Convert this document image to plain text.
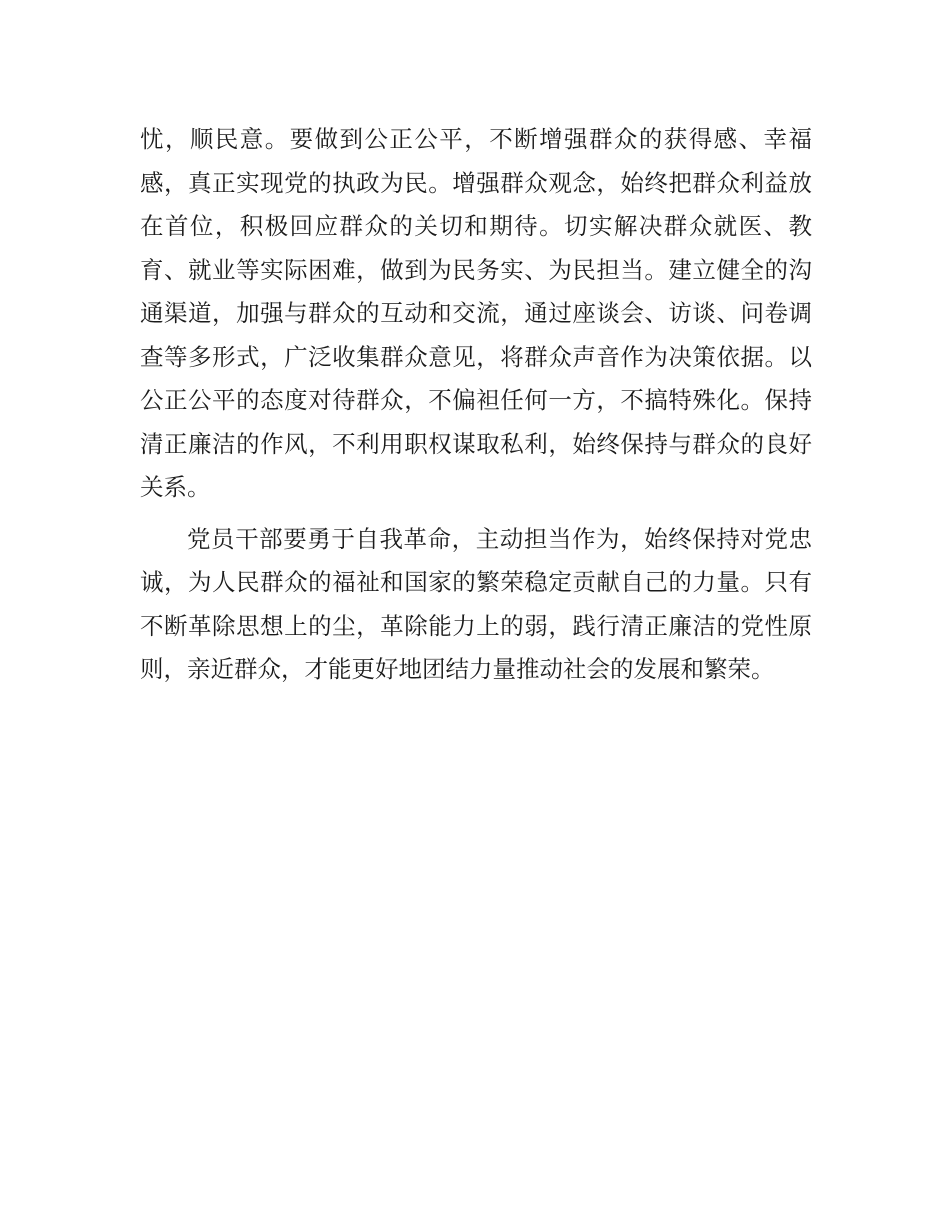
忧，顺民意。要做到公正公平，不断增强群众的获得感、幸福感，真正实现党的执政为民。增强群众观念，始终把群众利益放在首位，积极回应群众的关切和期待。切实解决群众就医、教育、就业等实际困难，做到为民务实、为民担当。建立健全的沟通渠道，加强与群众的互动和交流，通过座谈会、访谈、问卷调查等多形式，广泛收集群众意见，将群众声音作为决策依据。以公正公平的态度对待群众，不偏袒任何一方，不搞特殊化。保持清正廉洁的作风，不利用职权谋取私利，始终保持与群众的良好关系。

党员干部要勇于自我革命，主动担当作为，始终保持对党忠诚，为人民群众的福祉和国家的繁荣稳定贡献自己的力量。只有不断革除思想上的尘，革除能力上的弱，践行清正廉洁的党性原则，亲近群众，才能更好地团结力量推动社会的发展和繁荣。
